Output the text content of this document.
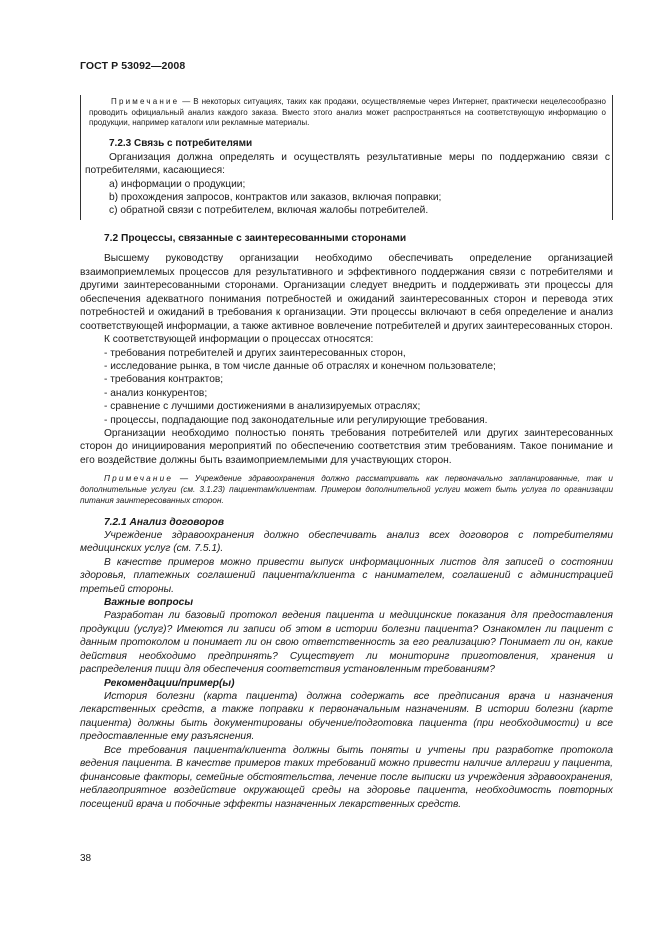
ГОСТ Р 53092—2008

Примечание — В некоторых ситуациях, таких как продажи, осуществляемые через Интернет, практически нецелесообразно проводить официальный анализ каждого заказа. Вместо этого анализ может распространяться на соответствующую информацию о продукции, например каталоги или рекламные материалы.

7.2.3 Связь с потребителями

Организация должна определять и осуществлять результативные меры по поддержанию связи с потребителями, касающиеся:

а) информации о продукции;

b) прохождения запросов, контрактов или заказов, включая поправки;

с) обратной связи с потребителем, включая жалобы потребителей.

7.2 Процессы, связанные с заинтересованными сторонами

Высшему руководству организации необходимо обеспечивать определение организацией взаимоприемлемых процессов для результативного и эффективного поддержания связи с потребителями и другими заинтересованными сторонами. Организации следует внедрить и поддерживать эти процессы для обеспечения адекватного понимания потребностей и ожиданий заинтересованных сторон и перевода этих потребностей и ожиданий в требования к организации. Эти процессы включают в себя определение и анализ соответствующей информации, а также активное вовлечение потребителей и других заинтересованных сторон.

К соответствующей информации о процессах относятся:

- требования потребителей и других заинтересованных сторон,

- исследование рынка, в том числе данные об отраслях и конечном пользователе;

- требования контрактов;

- анализ конкурентов;

- сравнение с лучшими достижениями в анализируемых отраслях;

- процессы, подпадающие под законодательные или регулирующие требования.

Организации необходимо полностью понять требования потребителей или других заинтересованных сторон до инициирования мероприятий по обеспечению соответствия этим требованиям. Такое понимание и его воздействие должны быть взаимоприемлемыми для участвующих сторон.

Примечание — Учреждение здравоохранения должно рассматривать как первоначально запланированные, так и дополнительные услуги (см. 3.1.23) пациентам/клиентам. Примером дополнительной услуги может быть услуга по организации питания заинтересованных сторон.

7.2.1 Анализ договоров

Учреждение здравоохранения должно обеспечивать анализ всех договоров с потребителями медицинских услуг (см. 7.5.1).

В качестве примеров можно привести выпуск информационных листов для записей о состоянии здоровья, платежных соглашений пациента/клиента с нанимателем, соглашений с администрацией третьей стороны.

Важные вопросы

Разработан ли базовый протокол ведения пациента и медицинские показания для предоставления продукции (услуг)? Имеются ли записи об этом в истории болезни пациента? Ознакомлен ли пациент с данным протоколом и понимает ли он свою ответственность за его реализацию? Понимает ли он, какие действия необходимо предпринять? Существует ли мониторинг приготовления, хранения и распределения пищи для обеспечения соответствия установленным требованиям?

Рекомендации/пример(ы)

История болезни (карта пациента) должна содержать все предписания врача и назначения лекарственных средств, а также поправки к первоначальным назначениям. В истории болезни (карте пациента) должны быть документированы обучение/подготовка пациента (при необходимости) и все предоставленные ему разъяснения.

Все требования пациента/клиента должны быть поняты и учтены при разработке протокола ведения пациента. В качестве примеров таких требований можно привести наличие аллергии у пациента, финансовые факторы, семейные обстоятельства, лечение после выписки из учреждения здравоохранения, неблагоприятное воздействие окружающей среды на здоровье пациента, необходимость повторных посещений врача и побочные эффекты назначенных лекарственных средств.

38
